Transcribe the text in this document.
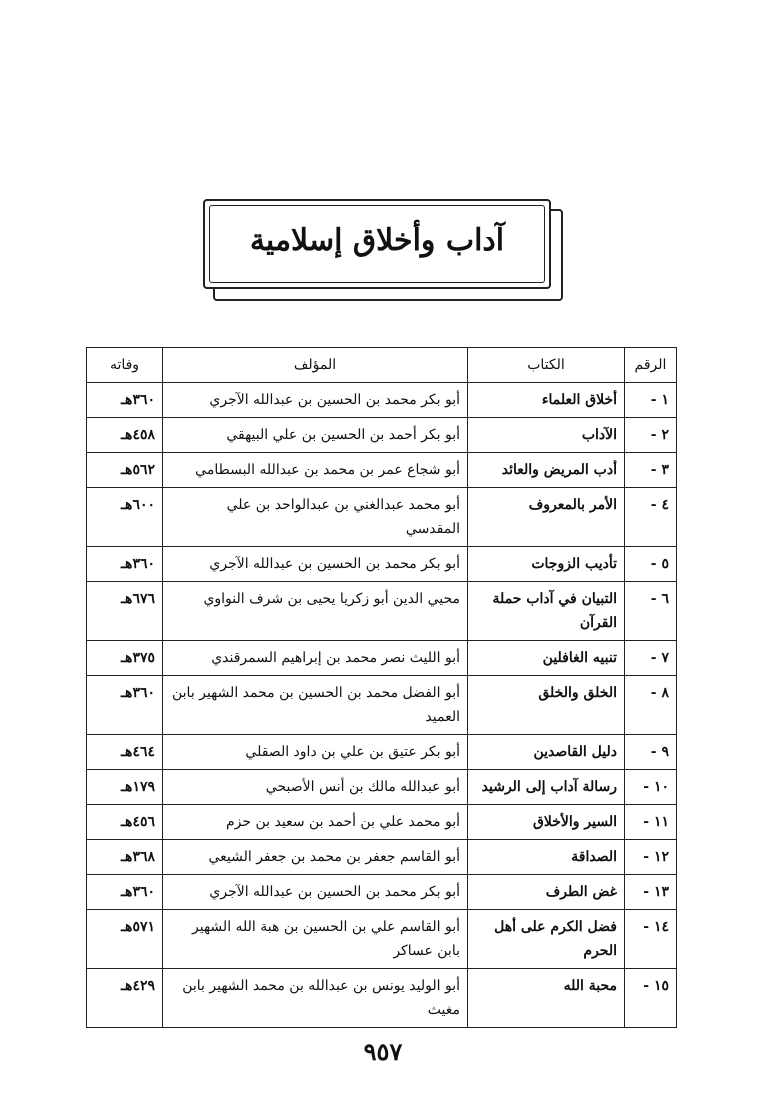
آداب وأخلاق إسلامية
الرقم	الكتاب	المؤلف	وفاته
١ -	أخلاق العلماء	أبو بكر محمد بن الحسين بن عبدالله الآجري	٣٦٠هـ
٢ -	الآداب	أبو بكر أحمد بن الحسين بن علي البيهقي	٤٥٨هـ
٣ -	أدب المريض والعائد	أبو شجاع عمر بن محمد بن عبدالله البسطامي	٥٦٢هـ
٤ -	الأمر بالمعروف	أبو محمد عبدالغني بن عبدالواحد بن علي المقدسي	٦٠٠هـ
٥ -	تأديب الزوجات	أبو بكر محمد بن الحسين بن عبدالله الآجري	٣٦٠هـ
٦ -	التبيان في آداب حملة القرآن	محيي الدين أبو زكريا يحيى بن شرف النواوي	٦٧٦هـ
٧ -	تنبيه الغافلين	أبو الليث نصر محمد بن إبراهيم السمرقندي	٣٧٥هـ
٨ -	الخلق والخلق	أبو الفضل محمد بن الحسين بن محمد الشهير بابن العميد	٣٦٠هـ
٩ -	دليل القاصدين	أبو بكر عتيق بن علي بن داود الصقلي	٤٦٤هـ
١٠ -	رسالة آداب إلى الرشيد	أبو عبدالله مالك بن أنس الأصبحي	١٧٩هـ
١١ -	السير والأخلاق	أبو محمد علي بن أحمد بن سعيد بن حزم	٤٥٦هـ
١٢ -	الصداقة	أبو القاسم جعفر بن محمد بن جعفر الشيعي	٣٦٨هـ
١٣ -	غض الطرف	أبو بكر محمد بن الحسين بن عبدالله الآجري	٣٦٠هـ
١٤ -	فضل الكرم على أهل الحرم	أبو القاسم علي بن الحسين بن هبة الله الشهير بابن عساكر	٥٧١هـ
١٥ -	محبة الله	أبو الوليد يونس بن عبدالله بن محمد الشهير بابن مغيث	٤٢٩هـ
٩٥٧
